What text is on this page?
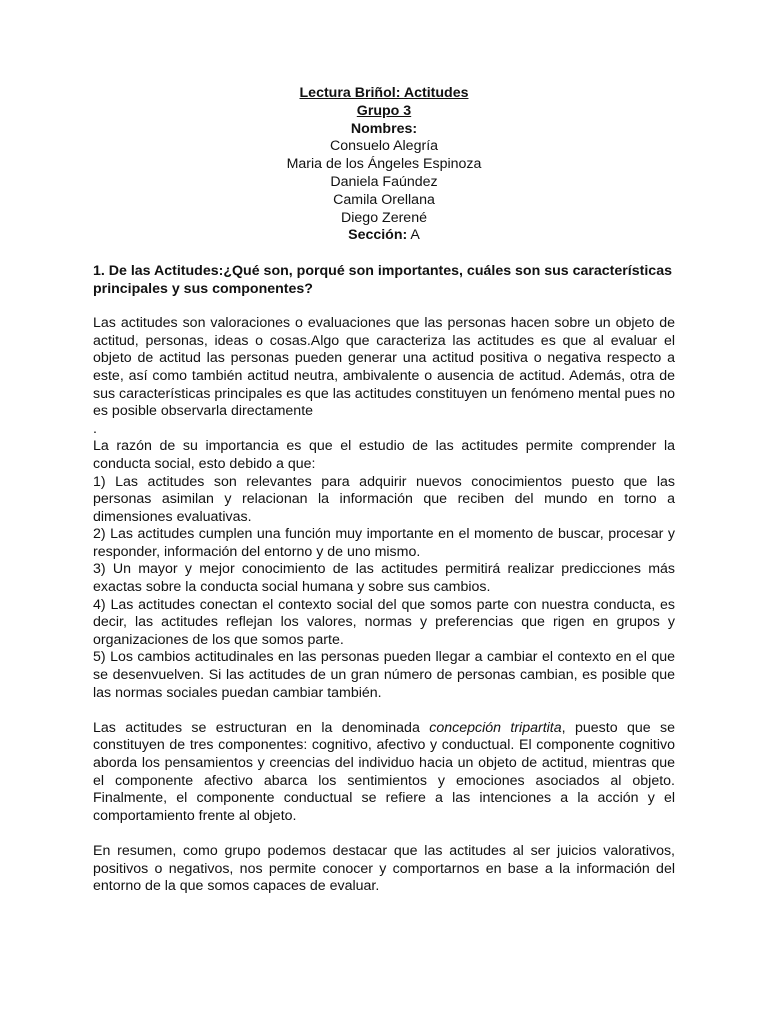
Lectura Briñol: Actitudes
Grupo 3
Nombres:
Consuelo Alegría
Maria de los Ángeles Espinoza
Daniela Faúndez
Camila Orellana
Diego Zerené
Sección: A
1. De las Actitudes:¿Qué son, porqué son importantes, cuáles son sus características
principales y sus componentes?
Las actitudes son valoraciones o evaluaciones que las personas hacen sobre un objeto de
actitud, personas, ideas o cosas.Algo que caracteriza las actitudes es que al evaluar el
objeto de actitud las personas pueden generar una actitud positiva o negativa respecto a
este, así como también actitud neutra, ambivalente o ausencia de actitud. Además, otra de
sus características principales es que las actitudes constituyen un fenómeno mental pues no
es posible observarla directamente
.
La razón de su importancia es que el estudio de las actitudes permite comprender la
conducta social, esto debido a que:
1) Las actitudes son relevantes para adquirir nuevos conocimientos puesto que las
personas asimilan y relacionan la información que reciben del mundo en torno a
dimensiones evaluativas.
2) Las actitudes cumplen una función muy importante en el momento de buscar, procesar y
responder, información del entorno y de uno mismo.
3) Un mayor y mejor conocimiento de las actitudes permitirá realizar predicciones más
exactas sobre la conducta social humana y sobre sus cambios.
4) Las actitudes conectan el contexto social del que somos parte con nuestra conducta, es
decir, las actitudes reflejan los valores, normas y preferencias que rigen en grupos y
organizaciones de los que somos parte.
5) Los cambios actitudinales en las personas pueden llegar a cambiar el contexto en el que
se desenvuelven. Si las actitudes de un gran número de personas cambian, es posible que
las normas sociales puedan cambiar también.
Las actitudes se estructuran en la denominada concepción tripartita, puesto que se
constituyen de tres componentes: cognitivo, afectivo y conductual. El componente cognitivo
aborda los pensamientos y creencias del individuo hacia un objeto de actitud, mientras que
el componente afectivo abarca los sentimientos y emociones asociados al objeto.
Finalmente, el componente conductual se refiere a las intenciones a la acción y el
comportamiento frente al objeto.
En resumen, como grupo podemos destacar que las actitudes al ser juicios valorativos,
positivos o negativos, nos permite conocer y comportarnos en base a la información del
entorno de la que somos capaces de evaluar.
